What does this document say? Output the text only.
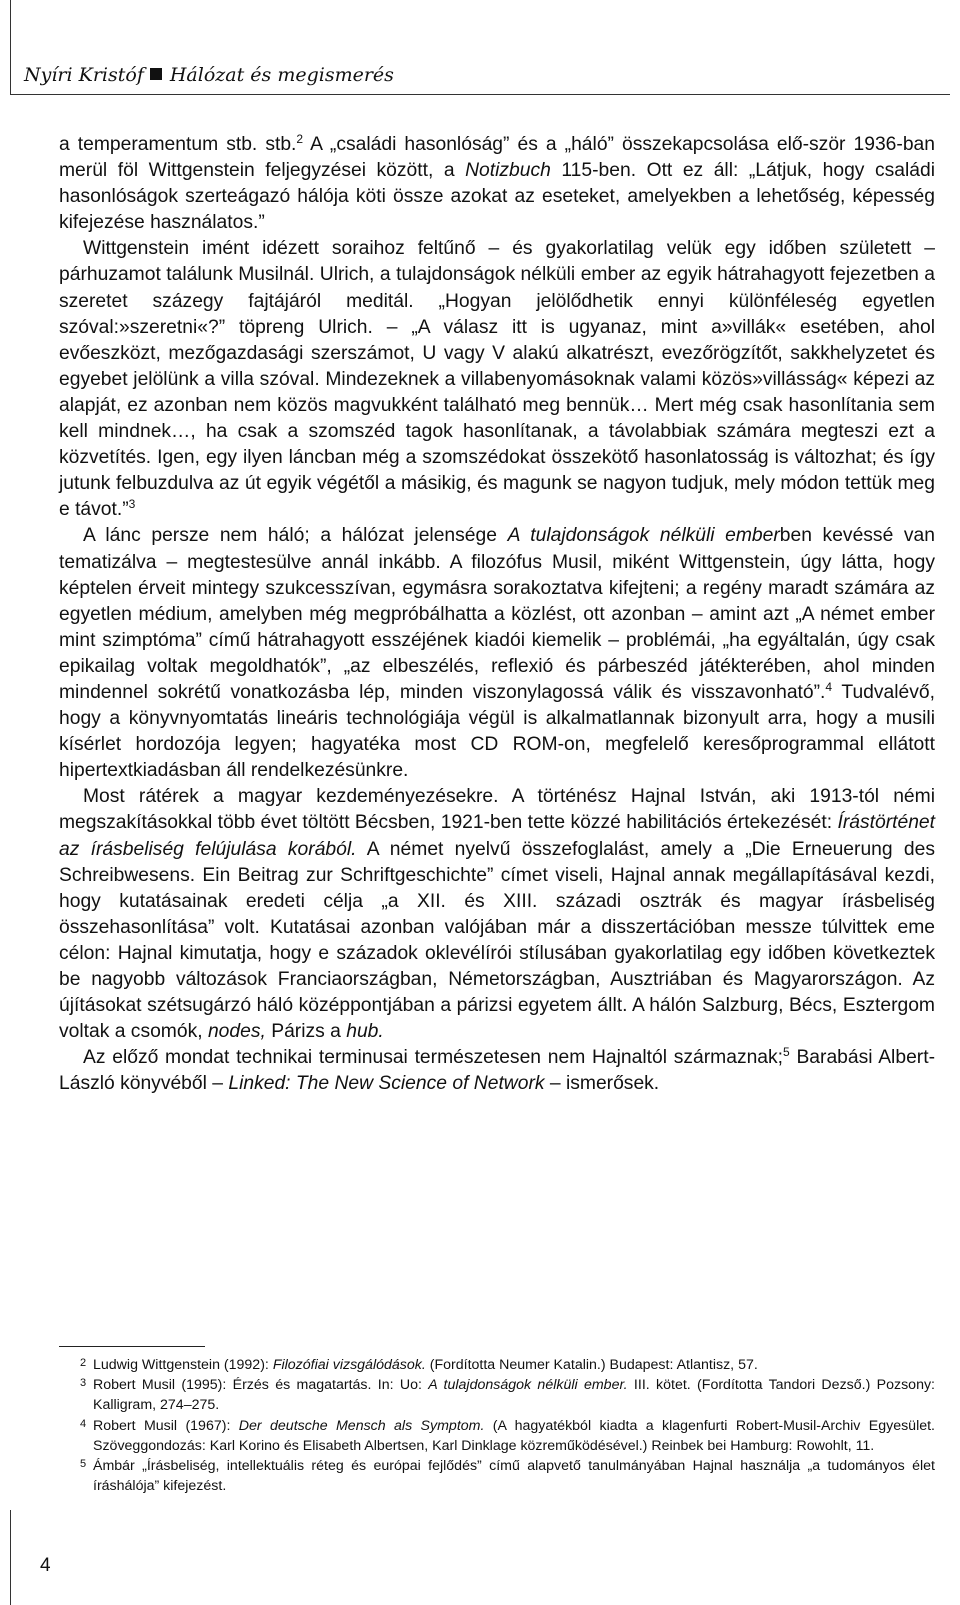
Nyíri Kristóf Hálózat és megismerés

a temperamentum stb. stb.$^2$ A „családi hasonlóság” és a „háló” összekapcsolása elő-ször 1936-ban merül föl Wittgenstein feljegyzései között, a Notizbuch 115-ben. Ott ez áll: „Látjuk, hogy családi hasonlóságok szerteágazó hálója köti össze azokat az eseteket, amelyekben a lehetőség, képesség kifejezése használatos.”

Wittgenstein imént idézett soraihoz feltűnő – és gyakorlatilag velük egy időben született – párhuzamot találunk Musilnál. Ulrich, a tulajdonságok nélküli ember az egyik hátrahagyott fejezetben a szeretet százegy fajtájáról meditál. „Hogyan jelölődhetik ennyi különféleség egyetlen szóval:»szeretni«?” töpreng Ulrich. – „A válasz itt is ugyanaz, mint a»villák« esetében, ahol evőeszközt, mezőgazdasági szerszámot, U vagy V alakú alkatrészt, evezőrögzítőt, sakkhelyzetet és egyebet jelölünk a villa szóval. Mindezeknek a villabenyomásoknak valami közös»villásság« képezi az alapját, ez azonban nem közös magvukként található meg bennük… Mert még csak hasonlítania sem kell mindnek…, ha csak a szomszéd tagok hasonlítanak, a távolabbiak számára megteszi ezt a közvetítés. Igen, egy ilyen láncban még a szomszédokat összekötő hasonlatosság is változhat; és így jutunk felbuzdulva az út egyik végétől a másikig, és magunk se nagyon tudjuk, mely módon tettük meg e távot.”$^3$

A lánc persze nem háló; a hálózat jelensége A tulajdonságok nélküli emberben kevéssé van tematizálva – megtestesülve annál inkább. A filozófus Musil, miként Wittgenstein, úgy látta, hogy képtelen érveit mintegy szukcesszívan, egymásra sorakoztatva kifejteni; a regény maradt számára az egyetlen médium, amelyben még megpróbálhatta a közlést, ott azonban – amint azt „A német ember mint szimptóma” című hátrahagyott esszéjének kiadói kiemelik – problémái, „ha egyáltalán, úgy csak epikailag voltak megoldhatók”, „az elbeszélés, reflexió és párbeszéd játékterében, ahol minden mindennel sokrétű vonatkozásba lép, minden viszonylagossá válik és visszavonható”.$^4$ Tudvalévő, hogy a könyvnyomtatás lineáris technológiája végül is alkalmatlannak bizonyult arra, hogy a musili kísérlet hordozója legyen; hagyatéka most CD ROM-on, megfelelő keresőprogrammal ellátott hipertextkiadásban áll rendelkezésünkre.

Most rátérek a magyar kezdeményezésekre. A történész Hajnal István, aki 1913-tól némi megszakításokkal több évet töltött Bécsben, 1921-ben tette közzé habilitációs értekezését: Írástörténet az írásbeliség felújulása korából. A német nyelvű összefoglalást, amely a „Die Erneuerung des Schreibwesens. Ein Beitrag zur Schriftgeschichte” címet viseli, Hajnal annak megállapításával kezdi, hogy kutatásainak eredeti célja „a XII. és XIII. századi osztrák és magyar írásbeliség összehasonlítása” volt. Kutatásai azonban valójában már a disszertációban messze túlvittek eme célon: Hajnal kimutatja, hogy e századok oklevélírói stílusában gyakorlatilag egy időben következtek be nagyobb változások Franciaországban, Németországban, Ausztriában és Magyarországon. Az újításokat szétsugárzó háló középpontjában a párizsi egyetem állt. A hálón Salzburg, Bécs, Esztergom voltak a csomók, nodes, Párizs a hub.

Az előző mondat technikai terminusai természetesen nem Hajnaltól származnak;$^5$ Barabási Albert-László könyvéből – Linked: The New Science of Network – ismerősek.

2 Ludwig Wittgenstein (1992): Filozófiai vizsgálódások. (Fordította Neumer Katalin.) Budapest: Atlantisz, 57.
3 Robert Musil (1995): Érzés és magatartás. In: Uo: A tulajdonságok nélküli ember. III. kötet. (Fordította Tandori Dezső.) Pozsony: Kalligram, 274–275.
4 Robert Musil (1967): Der deutsche Mensch als Symptom. (A hagyatékból kiadta a klagenfurti Robert-Musil-Archiv Egyesület. Szöveggondozás: Karl Korino és Elisabeth Albertsen, Karl Dinklage közreműködésével.) Reinbek bei Hamburg: Rowohlt, 11.
5 Ámbár „Írásbeliség, intellektuális réteg és európai fejlődés” című alapvető tanulmányában Hajnal használja „a tudományos élet íráshálója” kifejezést.
4
